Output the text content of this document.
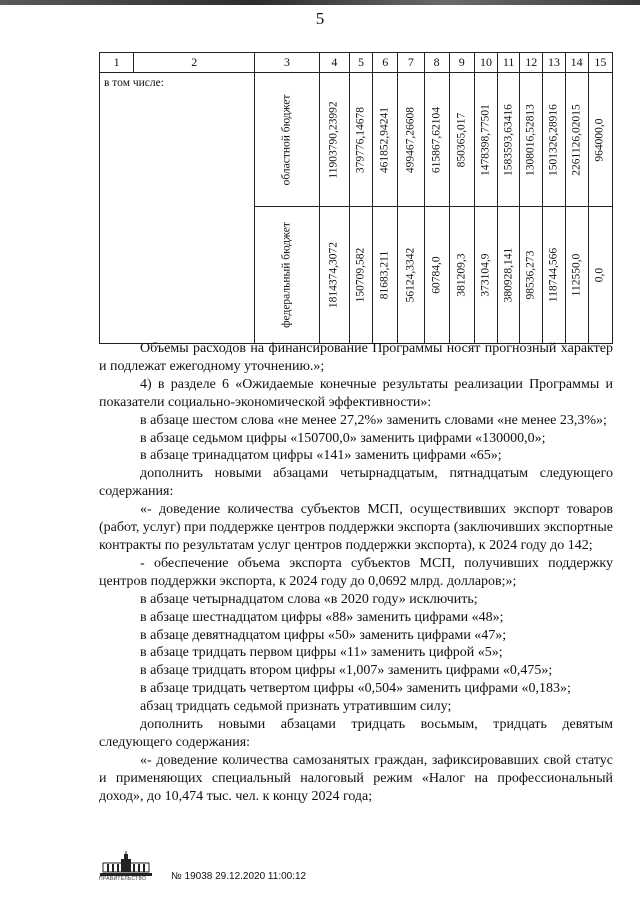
5
1	2	3	4	5	6	7	8	9	10	11	12	13	14	15
в том числе:		областной бюджет	11903790,23992	379776,14678	461852,94241	499467,26608	615867,62104	850365,017	1478398,77501	1583593,63416	1308016,52813	1501326,28916	2261126,02015	964000,0

		федеральный бюджет	1814374,3072	150709,582	81683,211	56124,3342	60784,0	381209,3	373104,9	380928,141	98536,273	118744,566	112550,0	0,0

Объемы расходов на финансирование Программы носят прогнозный характер и подлежат ежегодному уточнению.»;

4) в разделе 6 «Ожидаемые конечные результаты реализации Программы и показатели социально-экономической эффективности»:

в абзаце шестом слова «не менее 27,2%» заменить словами «не менее 23,3%»;

в абзаце седьмом цифры «150700,0» заменить цифрами «130000,0»;

в абзаце тринадцатом цифры «141» заменить цифрами «65»;

дополнить новыми абзацами четырнадцатым, пятнадцатым следующего содержания:

«- доведение количества субъектов МСП, осуществивших экспорт товаров (работ, услуг) при поддержке центров поддержки экспорта (заключивших экспортные контракты по результатам услуг центров поддержки экспорта), к 2024 году до 142;

- обеспечение объема экспорта субъектов МСП, получивших поддержку центров поддержки экспорта, к 2024 году до 0,0692 млрд. долларов;»;

в абзаце четырнадцатом слова «в 2020 году» исключить;

в абзаце шестнадцатом цифры «88» заменить цифрами «48»;

в абзаце девятнадцатом цифры «50» заменить цифрами «47»;

в абзаце тридцать первом цифры «11» заменить цифрой «5»;

в абзаце тридцать втором цифры «1,007» заменить цифрами «0,475»;

в абзаце тридцать четвертом цифры «0,504» заменить цифрами «0,183»;

абзац тридцать седьмой признать утратившим силу;

дополнить новыми абзацами тридцать восьмым, тридцать девятым следующего содержания:

«- доведение количества самозанятых граждан, зафиксировавших свой статус и применяющих специальный налоговый режим «Налог на профессиональный доход», до 10,474 тыс. чел. к концу 2024 года;

ПРАВИТЕЛЬСТВО № 19038 29.12.2020 11:00:12
